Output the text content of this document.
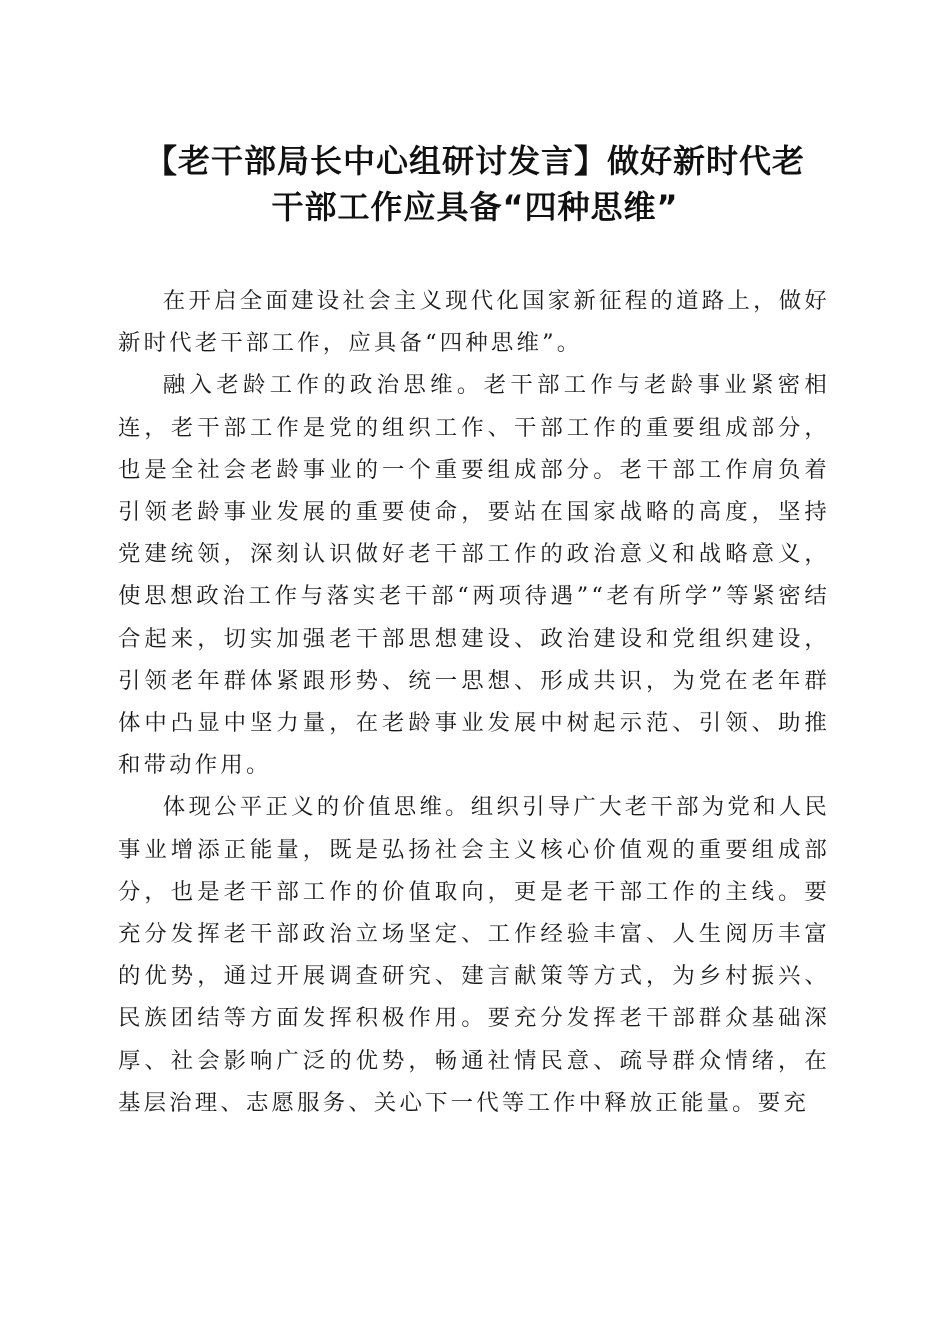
【老干部局长中心组研讨发言】做好新时代老
干部工作应具备“四种思维”

在开启全面建设社会主义现代化国家新征程的道路上，做好新时代老干部工作，应具备“四种思维”。

融入老龄工作的政治思维。老干部工作与老龄事业紧密相连，老干部工作是党的组织工作、干部工作的重要组成部分，也是全社会老龄事业的一个重要组成部分。老干部工作肩负着引领老龄事业发展的重要使命，要站在国家战略的高度，坚持党建统领，深刻认识做好老干部工作的政治意义和战略意义，使思想政治工作与落实老干部“两项待遇”“老有所学”等紧密结合起来，切实加强老干部思想建设、政治建设和党组织建设，引领老年群体紧跟形势、统一思想、形成共识，为党在老年群体中凸显中坚力量，在老龄事业发展中树起示范、引领、助推和带动作用。

体现公平正义的价值思维。组织引导广大老干部为党和人民事业增添正能量，既是弘扬社会主义核心价值观的重要组成部分，也是老干部工作的价值取向，更是老干部工作的主线。要充分发挥老干部政治立场坚定、工作经验丰富、人生阅历丰富的优势，通过开展调查研究、建言献策等方式，为乡村振兴、民族团结等方面发挥积极作用。要充分发挥老干部群众基础深厚、社会影响广泛的优势，畅通社情民意、疏导群众情绪，在基层治理、志愿服务、关心下一代等工作中释放正能量。要充
